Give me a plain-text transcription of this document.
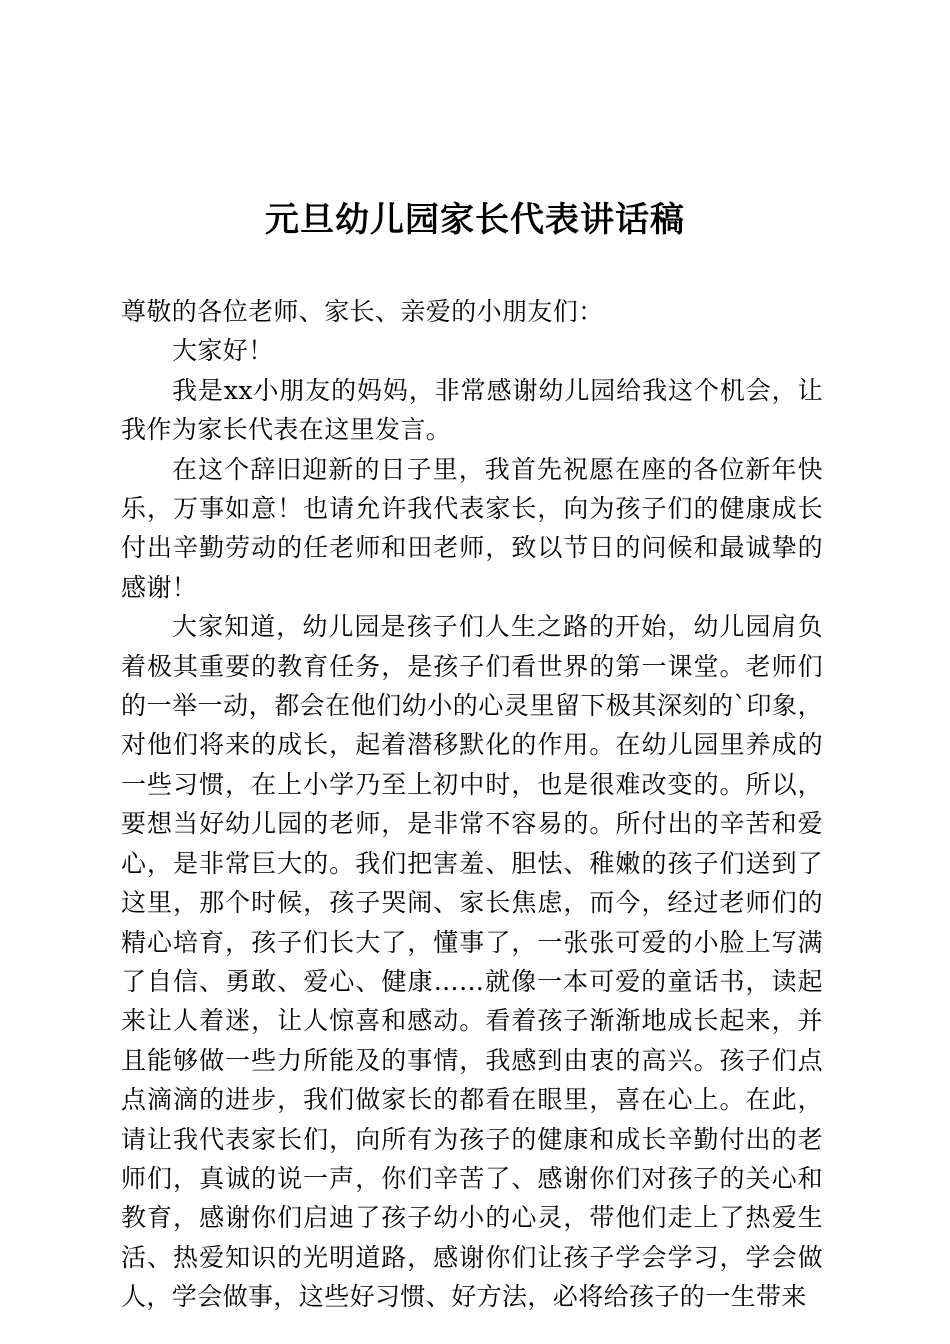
元旦幼儿园家长代表讲话稿

尊敬的各位老师、家长、亲爱的小朋友们：

大家好！

我是xx小朋友的妈妈，非常感谢幼儿园给我这个机会，让我作为家长代表在这里发言。

在这个辞旧迎新的日子里，我首先祝愿在座的各位新年快乐，万事如意！也请允许我代表家长，向为孩子们的健康成长付出辛勤劳动的任老师和田老师，致以节日的问候和最诚挚的感谢！

大家知道，幼儿园是孩子们人生之路的开始，幼儿园肩负着极其重要的教育任务，是孩子们看世界的第一课堂。老师们的一举一动，都会在他们幼小的心灵里留下极其深刻的`印象，对他们将来的成长，起着潜移默化的作用。在幼儿园里养成的一些习惯，在上小学乃至上初中时，也是很难改变的。所以，要想当好幼儿园的老师，是非常不容易的。所付出的辛苦和爱心，是非常巨大的。我们把害羞、胆怯、稚嫩的孩子们送到了这里，那个时候，孩子哭闹、家长焦虑，而今，经过老师们的精心培育，孩子们长大了，懂事了，一张张可爱的小脸上写满了自信、勇敢、爱心、健康……就像一本可爱的童话书，读起来让人着迷，让人惊喜和感动。看着孩子渐渐地成长起来，并且能够做一些力所能及的事情，我感到由衷的高兴。孩子们点点滴滴的进步，我们做家长的都看在眼里，喜在心上。在此，请让我代表家长们，向所有为孩子的健康和成长辛勤付出的老师们，真诚的说一声，你们辛苦了、感谢你们对孩子的关心和教育，感谢你们启迪了孩子幼小的心灵，带他们走上了热爱生活、热爱知识的光明道路，感谢你们让孩子学会学习，学会做人，学会做事，这些好习惯、好方法，必将给孩子的一生带来
